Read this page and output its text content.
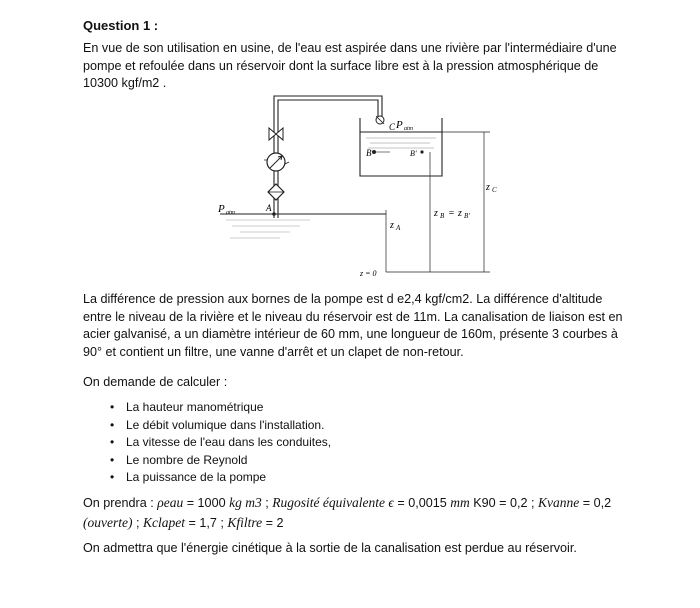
Question 1 :
En vue de son utilisation en usine, de l'eau est aspirée dans une rivière par l'intermédiaire d'une pompe et refoulée dans un réservoir dont la surface libre est à la pression atmosphérique de 10300 kgf/m2 .
P atm
C
B	B'
z C
z B = z B'
z A
P atm	A
z = 0
La différence de pression aux bornes de la pompe est d e2,4 kgf/cm2. La différence d'altitude entre le niveau de la rivière et le niveau du réservoir est de 11m. La canalisation de liaison est en acier galvanisé, a un diamètre intérieur de 60 mm, une longueur de 160m, présente 3 courbes à 90° et contient un filtre, une vanne d'arrêt et un clapet de non-retour.
On demande de calculer :
• La hauteur manométrique
• Le débit volumique dans l'installation.
• La vitesse de l'eau dans les conduites,
• Le nombre de Reynold
• La puissance de la pompe
On prendra : ρeau = 1000 kg m3 ; Rugosité équivalente ϵ = 0,0015 mm K90 = 0,2 ; Kvanne = 0,2
(ouverte) ; Kclapet = 1,7 ; Kfiltre = 2
On admettra que l'énergie cinétique à la sortie de la canalisation est perdue au réservoir.
